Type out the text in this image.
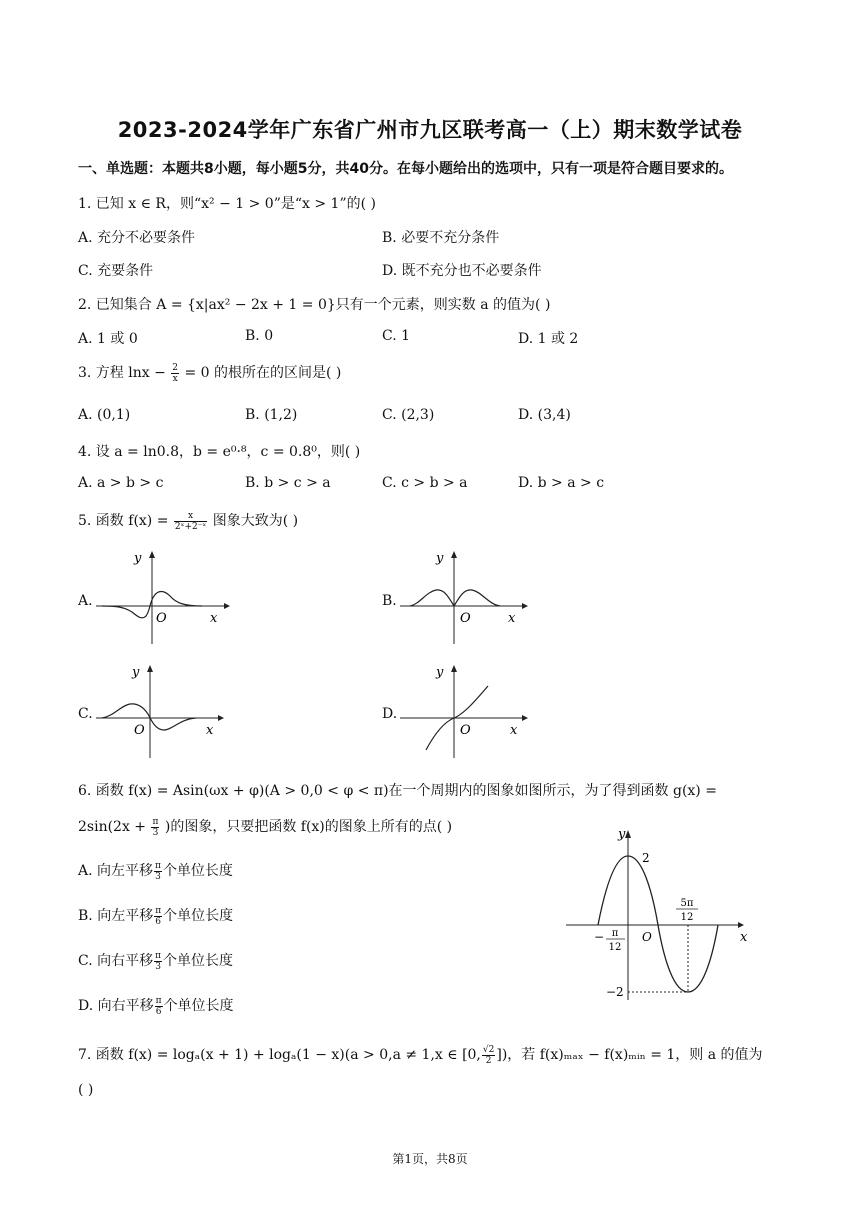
2023-2024学年广东省广州市九区联考高一（上）期末数学试卷
一、单选题：本题共8小题，每小题5分，共40分。在每小题给出的选项中，只有一项是符合题目要求的。
1. 已知 x ∈ R，则“x² − 1 > 0”是“x > 1”的( )
A. 充分不必要条件	B. 必要不充分条件
C. 充要条件	D. 既不充分也不必要条件
2. 已知集合 A = {x|ax² − 2x + 1 = 0}只有一个元素，则实数 a 的值为( )
A. 1 或 0	B. 0	C. 1	D. 1 或 2
3. 方程 $\ln x - \frac{2}{x} = 0$ 的根所在的区间是( )
A. (0,1)	B. (1,2)	C. (2,3)	D. (3,4)
4. 设 a = ln0.8，b = e⁰·⁸，c = 0.8⁰，则( )
A. a > b > c	B. b > c > a	C. c > b > a	D. b > a > c
5. 函数 $f(x) = \frac{x}{\text{2ˣ+2⁻ˣ}}$ 图象大致为( )
A.
y
x
O
B.
y
x
O
C.
y
x
O
D.
y
x
O
6. 函数 f(x) = Asin(ωx + φ)(A > 0,0 < φ < π)在一个周期内的图象如图所示，为了得到函数 g(x) =
$2\sin(2x + \frac{\pi}{3}$ )的图象，只要把函数 f(x)的图象上所有的点( )
A. 向左平移 $\frac{\pi}{3}$ 个单位长度
B. 向左平移 $\frac{\pi}{6}$ 个单位长度
C. 向右平移 $\frac{\pi}{3}$ 个单位长度
D. 向右平移 $\frac{\pi}{6}$ 个单位长度
y
x
O
2
−2
− π
12
5π
12
7. 函数 f(x) = logₐ(x + 1) + logₐ(1 − x)(a > 0,a ≠ 1,x ∈ [0, $\frac{√2}{2}$ ])，若 f(x)ₘₐₓ − f(x)ₘᵢₙ = 1，则 a 的值为
( )
第1页，共8页
